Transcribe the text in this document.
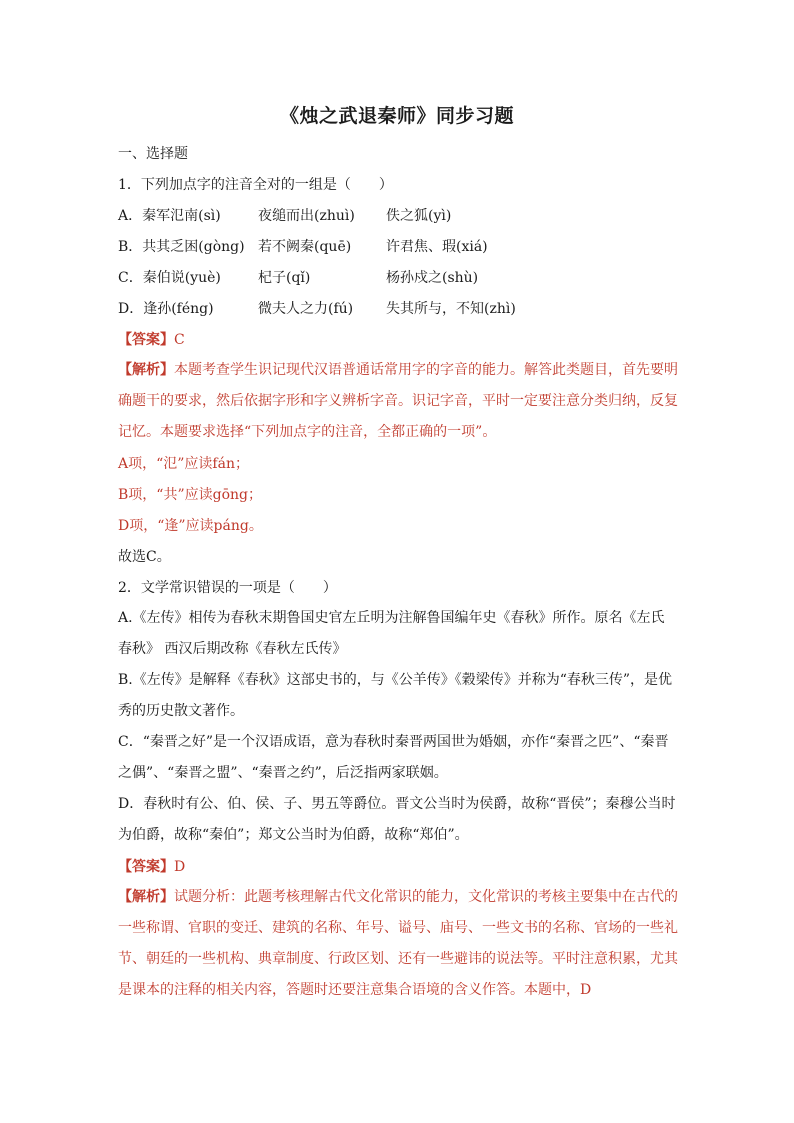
《烛之武退秦师》同步习题
一、选择题
1．下列加点字的注音全对的一组是（　　）
A．秦军氾南(sì)	夜缒而出(zhuì)	佚之狐(yì)
B．共其乏困(gòng) 若不阙秦(quē)	许君焦、瑕(xiá)
C．秦伯说(yuè)	杞子(qǐ)	杨孙戍之(shù)
D．逢孙(féng)	微夫人之力(fú)	失其所与，不知(zhì)
【答案】C
【解析】本题考查学生识记现代汉语普通话常用字的字音的能力。解答此类题目，首先要明确题干的要求，然后依据字形和字义辨析字音。识记字音，平时一定要注意分类归纳，反复记忆。本题要求选择“下列加点字的注音，全都正确的一项”。
A项，“氾”应读fán；
B项，“共”应读gōng；
D项，“逢”应读páng。
故选C。
2．文学常识错误的一项是（　　）
A.《左传》相传为春秋末期鲁国史官左丘明为注解鲁国编年史《春秋》所作。原名《左氏春秋》 西汉后期改称《春秋左氏传》
B.《左传》是解释《春秋》这部史书的，与《公羊传》《穀梁传》并称为“春秋三传”，是优秀的历史散文著作。
C．“秦晋之好”是一个汉语成语，意为春秋时秦晋两国世为婚姻，亦作“秦晋之匹”、“秦晋之偶”、“秦晋之盟”、“秦晋之约”，后泛指两家联姻。
D．春秋时有公、伯、侯、子、男五等爵位。晋文公当时为侯爵，故称“晋侯”；秦穆公当时为伯爵，故称“秦伯”；郑文公当时为伯爵，故称“郑伯”。
【答案】D
【解析】试题分析：此题考核理解古代文化常识的能力，文化常识的考核主要集中在古代的一些称谓、官职的变迁、建筑的名称、年号、谥号、庙号、一些文书的名称、官场的一些礼节、朝廷的一些机构、典章制度、行政区划、还有一些避讳的说法等。平时注意积累，尤其是课本的注释的相关内容，答题时还要注意集合语境的含义作答。本题中，D
